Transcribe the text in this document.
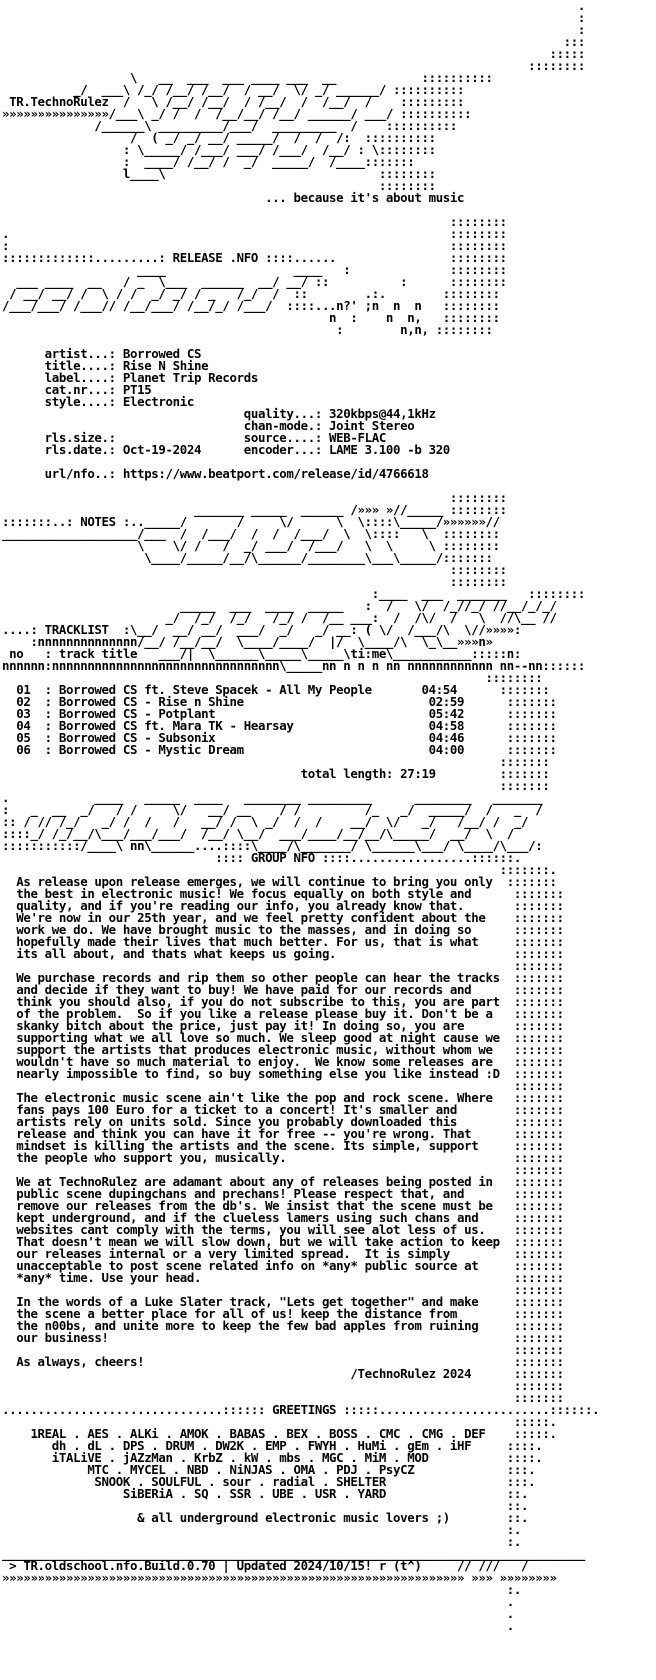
.
:
:
:::
:::::
::::::::
\   __  ___  ___ ____ ___  __            ::::::::::
_/  ___\ /_/ /__/ /__/  / __/  \/ _/ ______/ ::::::::::
TR.TechnoRulez  /   \ /__/ /__/  / /__/  /  /__/  /    :::::::::
»»»»»»»»»»»»»»»/___\ _/ /  /  /__/__/ /__/ ______/ ___/ ::::::::::
/______\ _________/___/  _________  /    ::::::::::
/  ( _/ _/ __/ _____/  /  /  /:  ::::::::::
: \_____/ /___/ ___/ /___/  /__/ : \::::::::
:  ____/ /__/ /  _/  _____/  /____:::::::
l____\                              ::::::::
::::::::

... because it's about music

::::::::
.                                                              ::::::::
:                                                              ::::::::
:::::::::::::.........: RELEASE .NFO ::::......                ::::::::
____                  ____   :              ::::::::
___ ____  __   / _  \___  ______  __/ __/ ::          :      ::::::::
/ __/ __/ /  \ / /  _/ _/ / _   /_/  /  ::        .:.        ::::::::
/___/___/ /___// /__/___/ /__/_/ /___/  ::::...n?' ;n  n  n   ::::::::
n  :    n  n,   ::::::::
:        n,n, ::::::::

artist...: Borrowed CS
title....: Rise N Shine
label....: Planet Trip Records
cat.nr...: PT15
style....: Electronic
quality...: 320kbps@44,1kHz
chan-mode.: Joint Stereo
rls.size.:                  source....: WEB-FLAC
rls.date.: Oct-19-2024      encoder...: LAME 3.100 -b 320

url/nfo..: https://www.beatport.com/release/id/4766618

::::::::
_______ _____  ______ /»»» »//_____ ::::::::
:::::::..: NOTES :.._____/       /     \/      \  \::::\_____/»»»»»»//
___________________/___  /  /___/  /  /  /___/  \  \::::   \  ::::::::
\    \/ /   /  _/ ___/  /___/   \  \     \ ::::::::
\____/_____/__/\______/________\___\_____/:::::::
::::::::
::::::::

:____  ___  _______   ::::::::
_____  ___  ____  _____   :  /   \/  /_//_/ //__/_/_/
_/  /_/  /_/   /_/ /  /__ ___:  /  /\/  /   \  //\__ //
....: TRACKLIST  :\__/  __/ __/  ___/  _/   _/ __: ( \/  /___/\  \//»»»»:
:nnnnnnnnnnnnnn/__/ /__/__/  \____/____/  |/  \____/\  \_\__»»»n»
no   : track title   ___/|  \______\_____\_____\ti:me\___________:::::n:
nnnnnn:nnnnnnnnnnnnnnnnnnnnnnnnnnnnnnnn\_____nn n n n nn nnnnnnnnnnnn nn--nn::::::
::::::::

01  : Borrowed CS ft. Steve Spacek - All My People       04:54      :::::::
02  : Borrowed CS - Rise n Shine                          02:59      :::::::
03  : Borrowed CS - Potplant                              05:42      :::::::
04  : Borrowed CS ft. Mara TK - Hearsay                   04:58      :::::::
05  : Borrowed CS - Subsonix                              04:46      :::::::
06  : Borrowed CS - Mystic Dream                          04:00      :::::::
:::::::
total length: 27:19         :::::::

:::::::
.            ____   _____  ____   ________ _________      ________   _______
:   _  __  _/   / /     \/   __/ __    / /         /_   _/  _____/  /   _  /
:: / // /_/   _/ /  /   /   __/ /  \ _/  /  /    __/  \/   _/   /__/ /  _/
::::_/ /_/__/\___/___/___/  /__/ \__/  ___/____/__/__/\_____/  __/  \  /
:::::::::::/____\ nn\______....::::\____/\_______/ \______\___/ \____/\___/:
:::: GROUP NFO ::::.................::::::.
:::::::.

As release upon release emerges, we will continue to bring you only  :::::::
the best in electronic music! We focus equally on both style and      :::::::
quality, and if you're reading our info, you already know that.       :::::::
We're now in our 25th year, and we feel pretty confident about the    :::::::
work we do. We have brought music to the masses, and in doing so      :::::::
hopefully made their lives that much better. For us, that is what     :::::::
its all about, and thats what keeps us going.                         :::::::
:::::::
We purchase records and rip them so other people can hear the tracks  :::::::
and decide if they want to buy! We have paid for our records and      :::::::
think you should also, if you do not subscribe to this, you are part  :::::::
of the problem.  So if you like a release please buy it. Don't be a   :::::::
skanky bitch about the price, just pay it! In doing so, you are       :::::::
supporting what we all love so much. We sleep good at night cause we  :::::::
support the artists that produces electronic music, without whom we   :::::::
wouldn't have so much material to enjoy.  We know some releases are   :::::::
nearly impossible to find, so buy something else you like instead :D  :::::::
:::::::
The electronic music scene ain't like the pop and rock scene. Where   :::::::
fans pays 100 Euro for a ticket to a concert! It's smaller and        :::::::
artists rely on units sold. Since you probably downloaded this        :::::::
release and think you can have it for free -- you're wrong. That      :::::::
mindset is killing the artists and the scene. Its simple, support     :::::::
the people who support you, musically.                                :::::::
:::::::
We at TechnoRulez are adamant about any of releases being posted in   :::::::
public scene dupingchans and prechans! Please respect that, and       :::::::
remove our releases from the db's. We insist that the scene must be   :::::::
kept underground, and if the clueless lamers using such chans and     :::::::
websites cant comply with the terms, you will see alot less of us.    :::::::
That doesn't mean we will slow down, but we will take action to keep  :::::::
our releases internal or a very limited spread.  It is simply         :::::::
unacceptable to post scene related info on *any* public source at     :::::::
*any* time. Use your head.                                            :::::::
:::::::
In the words of a Luke Slater track, "Lets get together" and make     :::::::
the scene a better place for all of us! keep the distance from        :::::::
the n00bs, and unite more to keep the few bad apples from ruining     :::::::
our business!                                                         :::::::
:::::::
As always, cheers!                                                    :::::::
/TechnoRulez 2024      :::::::
:::::::
:::::::

...............................:::::: GREETINGS :::::........................::::::.
:::::.

1REAL . AES . ALKi . AMOK . BABAS . BEX . BOSS . CMC . CMG . DEF    :::::.
dh . dL . DPS . DRUM . DW2K . EMP . FWYH . HuMi . gEm . iHF     ::::.
iTALiVE . jAZzMan . KrbZ . kW . mbs . MGC . MiM . MOD           ::::.
MTC . MYCEL . NBD . NiNJAS . OMA . PDJ . PsyCZ             :::.
SNOOK . SOULFUL . sour . radial . SHELTER                 :::.
SiBERiA . SQ . SSR . UBE . USR . YARD                 ::.
::.
& all underground electronic music lovers ;)        ::.
:.
:.

__________________________________________________________________________________
> TR.oldschool.nfo.Build.0.70 | Updated 2024/10/15! r (t^)     // ///   /
»»»»»»»»»»»»»»»»»»»»»»»»»»»»»»»»»»»»»»»»»»»»»»»»»»»»»»»»»»»»»»»»» »»» »»»»»»»»
:.
.
.
.
